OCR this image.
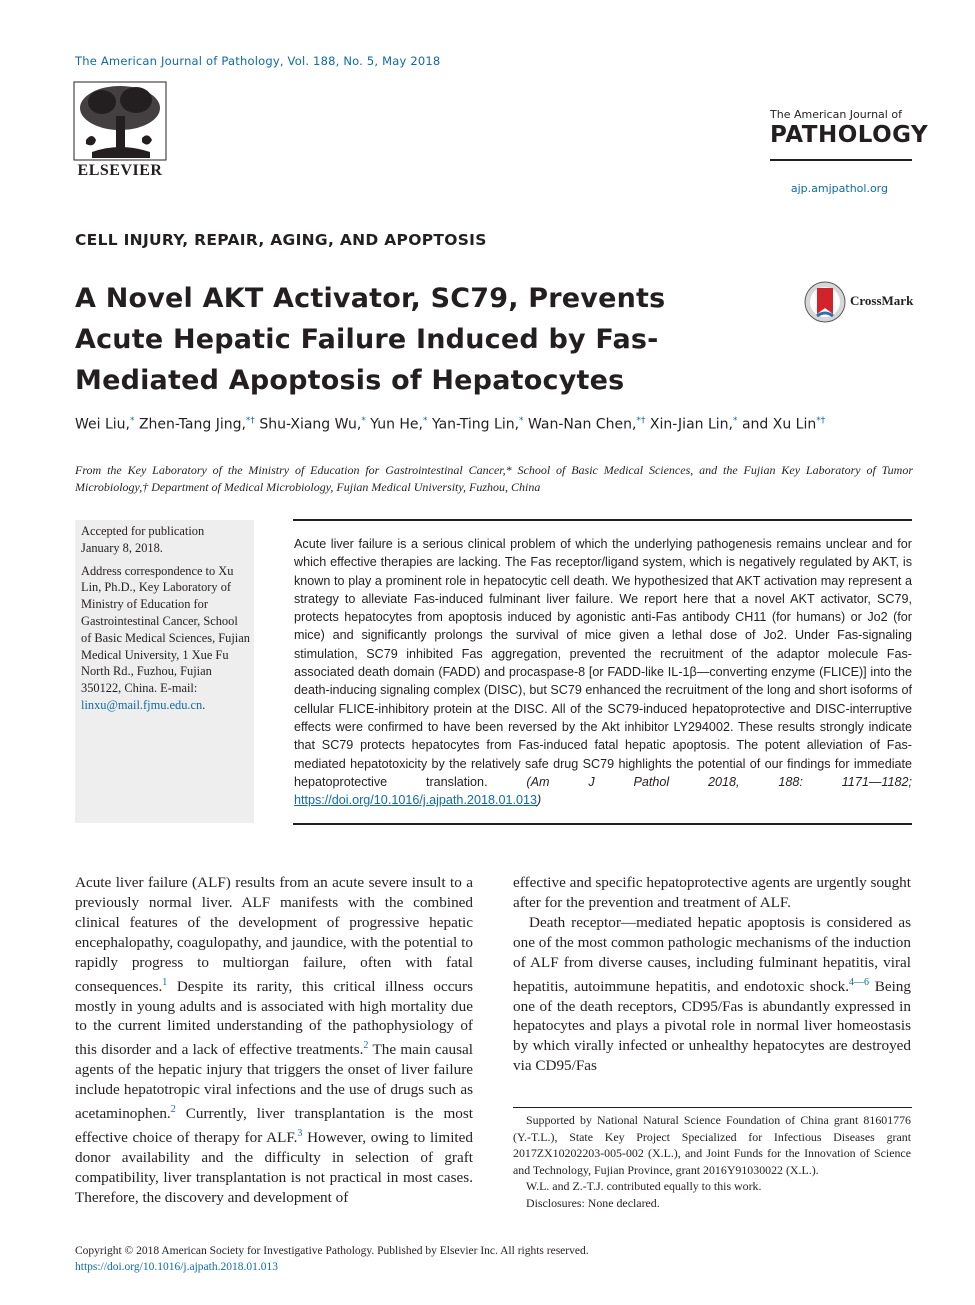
The American Journal of Pathology, Vol. 188, No. 5, May 2018
ELSEVIER
The American Journal of
PATHOLOGY
ajp.amjpathol.org
CELL INJURY, REPAIR, AGING, AND APOPTOSIS
A Novel AKT Activator, SC79, Prevents Acute Hepatic Failure Induced by Fas-Mediated Apoptosis of Hepatocytes
CrossMark
Wei Liu,* Zhen-Tang Jing,*† Shu-Xiang Wu,* Yun He,* Yan-Ting Lin,* Wan-Nan Chen,*† Xin-Jian Lin,* and Xu Lin*†
From the Key Laboratory of the Ministry of Education for Gastrointestinal Cancer,* School of Basic Medical Sciences, and the Fujian Key Laboratory of Tumor Microbiology,† Department of Medical Microbiology, Fujian Medical University, Fuzhou, China

Accepted for publication

January 8, 2018.

Address correspondence to Xu Lin, Ph.D., Key Laboratory of Ministry of Education for Gastrointestinal Cancer, School of Basic Medical Sciences, Fujian Medical University, 1 Xue Fu North Rd., Fuzhou, Fujian 350122, China. E-mail: linxu@mail.fjmu.edu.cn.

Acute liver failure is a serious clinical problem of which the underlying pathogenesis remains unclear and for which effective therapies are lacking. The Fas receptor/ligand system, which is negatively regulated by AKT, is known to play a prominent role in hepatocytic cell death. We hypothesized that AKT activation may represent a strategy to alleviate Fas-induced fulminant liver failure. We report here that a novel AKT activator, SC79, protects hepatocytes from apoptosis induced by agonistic anti-Fas antibody CH11 (for humans) or Jo2 (for mice) and significantly prolongs the survival of mice given a lethal dose of Jo2. Under Fas-signaling stimulation, SC79 inhibited Fas aggregation, prevented the recruitment of the adaptor molecule Fas-associated death domain (FADD) and procaspase-8 [or FADD-like IL-1β—converting enzyme (FLICE)] into the death-inducing signaling complex (DISC), but SC79 enhanced the recruitment of the long and short isoforms of cellular FLICE-inhibitory protein at the DISC. All of the SC79-induced hepatoprotective and DISC-interruptive effects were confirmed to have been reversed by the Akt inhibitor LY294002. These results strongly indicate that SC79 protects hepatocytes from Fas-induced fatal hepatic apoptosis. The potent alleviation of Fas-mediated hepatotoxicity by the relatively safe drug SC79 highlights the potential of our findings for immediate hepatoprotective translation.	(Am J Pathol 2018, 188: 1171—1182; https://doi.org/10.1016/j.ajpath.2018.01.013)

Acute liver failure (ALF) results from an acute severe insult to a previously normal liver. ALF manifests with the combined clinical features of the development of progressive hepatic encephalopathy, coagulopathy, and jaundice, with the potential to rapidly progress to multiorgan failure, often with fatal consequences.$^1$ Despite its rarity, this critical illness occurs mostly in young adults and is associated with high mortality due to the current limited understanding of the pathophysiology of this disorder and a lack of effective treatments.$^2$ The main causal agents of the hepatic injury that triggers the onset of liver failure include hepatotropic viral infections and the use of drugs such as acetaminophen.$^2$ Currently, liver transplantation is the most effective choice of therapy for ALF.$^3$ However, owing to limited donor availability and the difficulty in selection of graft compatibility, liver transplantation is not practical in most cases. Therefore, the discovery and development of

effective and specific hepatoprotective agents are urgently sought after for the prevention and treatment of ALF.

Death receptor—mediated hepatic apoptosis is considered as one of the most common pathologic mechanisms of the induction of ALF from diverse causes, including fulminant hepatitis, viral hepatitis, autoimmune hepatitis, and endotoxic shock.$^{4—6}$ Being one of the death receptors, CD95/Fas is abundantly expressed in hepatocytes and plays a pivotal role in normal liver homeostasis by which virally infected or unhealthy hepatocytes are destroyed via CD95/Fas

Supported by National Natural Science Foundation of China grant 81601776 (Y.-T.L.), State Key Project Specialized for Infectious Diseases grant 2017ZX10202203-005-002 (X.L.), and Joint Funds for the Innovation of Science and Technology, Fujian Province, grant 2016Y91030022 (X.L.).

W.L. and Z.-T.J. contributed equally to this work.

Disclosures: None declared.

Copyright © 2018 American Society for Investigative Pathology. Published by Elsevier Inc. All rights reserved.
https://doi.org/10.1016/j.ajpath.2018.01.013
